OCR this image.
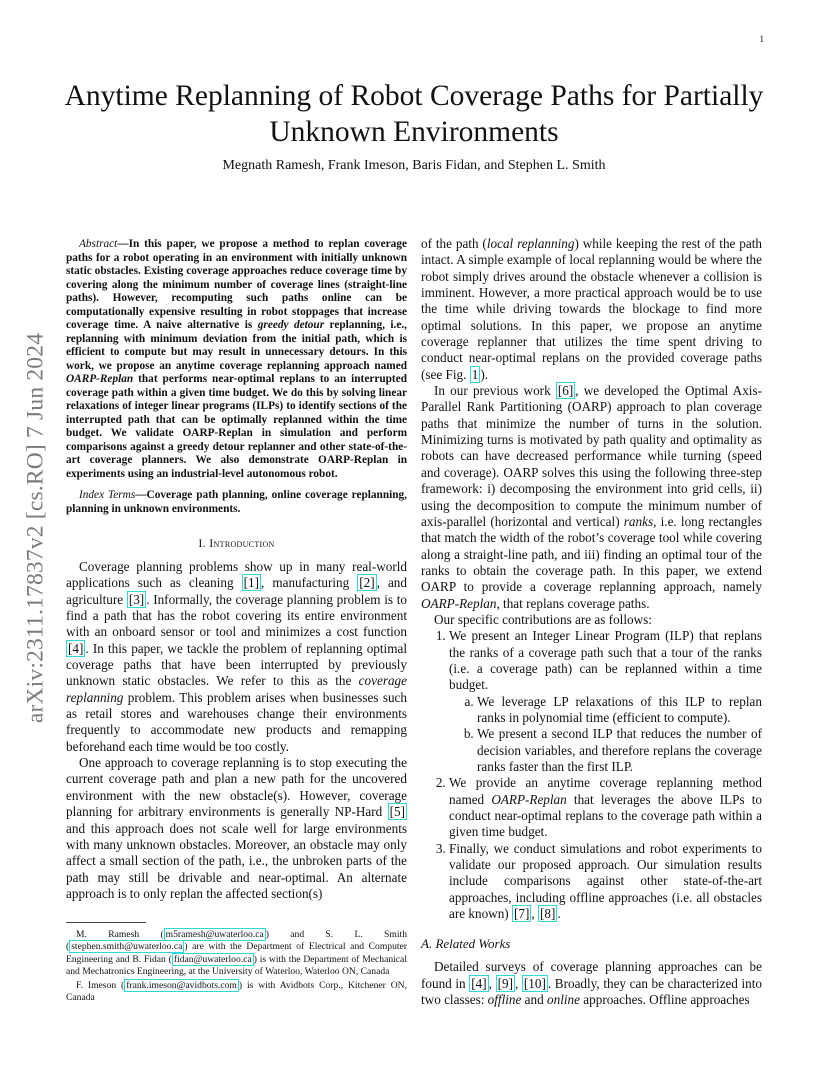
1
Anytime Replanning of Robot Coverage Paths for Partially Unknown Environments
Megnath Ramesh, Frank Imeson, Baris Fidan, and Stephen L. Smith
arXiv:2311.17837v2 [cs.RO] 7 Jun 2024

Abstract—In this paper, we propose a method to replan coverage paths for a robot operating in an environment with initially unknown static obstacles. Existing coverage approaches reduce coverage time by covering along the minimum number of coverage lines (straight-line paths). However, recomputing such paths online can be computationally expensive resulting in robot stoppages that increase coverage time. A naive alternative is greedy detour replanning, i.e., replanning with minimum deviation from the initial path, which is efficient to compute but may result in unnecessary detours. In this work, we propose an anytime coverage replanning approach named OARP-Replan that performs near-optimal replans to an interrupted coverage path within a given time budget. We do this by solving linear relaxations of integer linear programs (ILPs) to identify sections of the interrupted path that can be optimally replanned within the time budget. We validate OARP-Replan in simulation and perform comparisons against a greedy detour replanner and other state-of-the-art coverage planners. We also demonstrate OARP-Replan in experiments using an industrial-level autonomous robot.

Index Terms—Coverage path planning, online coverage replanning, planning in unknown environments.

I. Introduction

Coverage planning problems show up in many real-world applications such as cleaning [1] , manufacturing [2] , and agriculture [3] . Informally, the coverage planning problem is to find a path that has the robot covering its entire environment with an onboard sensor or tool and minimizes a cost function [4] . In this paper, we tackle the problem of replanning optimal coverage paths that have been interrupted by previously unknown static obstacles. We refer to this as the coverage replanning problem. This problem arises when businesses such as retail stores and warehouses change their environments frequently to accommodate new products and remapping beforehand each time would be too costly.

One approach to coverage replanning is to stop executing the current coverage path and plan a new path for the uncovered environment with the new obstacle(s). However, coverage planning for arbitrary environments is generally NP-Hard [5] and this approach does not scale well for large environments with many unknown obstacles. Moreover, an obstacle may only affect a small section of the path, i.e., the unbroken parts of the path may still be drivable and near-optimal. An alternate approach is to only replan the affected section(s)

M. Ramesh ( m5ramesh@uwaterloo.ca ) and S. L. Smith ( stephen.smith@uwaterloo.ca ) are with the Department of Electrical and Computer Engineering and B. Fidan ( fidan@uwaterloo.ca ) is with the Department of Mechanical and Mechatronics Engineering, at the University of Waterloo, Waterloo ON, Canada

F. Imeson ( frank.imeson@avidbots.com ) is with Avidbots Corp., Kitchener ON, Canada

of the path (local replanning) while keeping the rest of the path intact. A simple example of local replanning would be where the robot simply drives around the obstacle whenever a collision is imminent. However, a more practical approach would be to use the time while driving towards the blockage to find more optimal solutions. In this paper, we propose an anytime coverage replanner that utilizes the time spent driving to conduct near-optimal replans on the provided coverage paths (see Fig. 1 ).

In our previous work [6] , we developed the Optimal Axis-Parallel Rank Partitioning (OARP) approach to plan coverage paths that minimize the number of turns in the solution. Minimizing turns is motivated by path quality and optimality as robots can have decreased performance while turning (speed and coverage). OARP solves this using the following three-step framework: i) decomposing the environment into grid cells, ii) using the decomposition to compute the minimum number of axis-parallel (horizontal and vertical) ranks, i.e. long rectangles that match the width of the robot’s coverage tool while covering along a straight-line path, and iii) finding an optimal tour of the ranks to obtain the coverage path. In this paper, we extend OARP to provide a coverage replanning approach, namely OARP-Replan, that replans coverage paths.

Our specific contributions are as follows:

1. We present an Integer Linear Program (ILP) that replans the ranks of a coverage path such that a tour of the ranks (i.e. a coverage path) can be replanned within a time budget.
a. We leverage LP relaxations of this ILP to replan ranks in polynomial time (efficient to compute).
b. We present a second ILP that reduces the number of decision variables, and therefore replans the coverage ranks faster than the first ILP.
2. We provide an anytime coverage replanning method named OARP-Replan that leverages the above ILPs to conduct near-optimal replans to the coverage path within a given time budget.
3. Finally, we conduct simulations and robot experiments to validate our proposed approach. Our simulation results include comparisons against other state-of-the-art approaches, including offline approaches (i.e. all obstacles are known) [7] , [8] .
A. Related Works

Detailed surveys of coverage planning approaches can be found in [4] , [9] , [10] . Broadly, they can be characterized into two classes: offline and online approaches. Offline approaches
